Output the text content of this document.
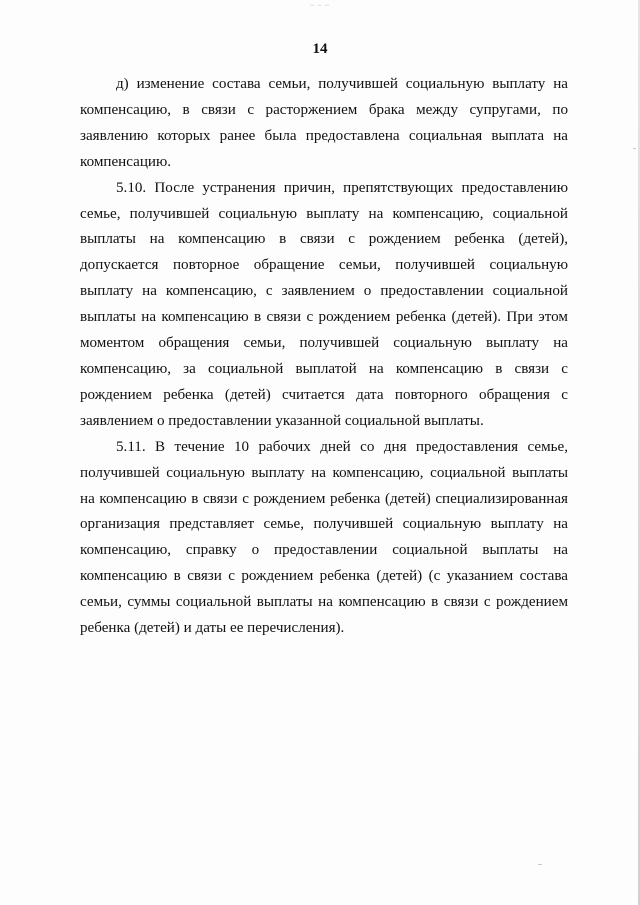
~ ~ ~
14

д) изменение состава семьи, получившей социальную выплату на компенсацию, в связи с расторжением брака между супругами, по заявлению которых ранее была предоставлена социальная выплата на компенсацию.

5.10. После устранения причин, препятствующих предоставлению семье, получившей социальную выплату на компенсацию, социальной выплаты на компенсацию в связи с рождением ребенка (детей), допускается повторное обращение семьи, получившей социальную выплату на компенсацию, с заявлением о предоставлении социальной выплаты на компенсацию в связи с рождением ребенка (детей). При этом моментом обращения семьи, получившей социальную выплату на компенсацию, за социальной выплатой на компенсацию в связи с рождением ребенка (детей) считается дата повторного обращения с заявлением о предоставлении указанной социальной выплаты.

5.11. В течение 10 рабочих дней со дня предоставления семье, получившей социальную выплату на компенсацию, социальной выплаты на компенсацию в связи с рождением ребенка (детей) специализированная организация представляет семье, получившей социальную выплату на компенсацию, справку о предоставлении социальной выплаты на компенсацию в связи с рождением ребенка (детей) (с указанием состава семьи, суммы социальной выплаты на компенсацию в связи с рождением ребенка (детей) и даты ее перечисления).
